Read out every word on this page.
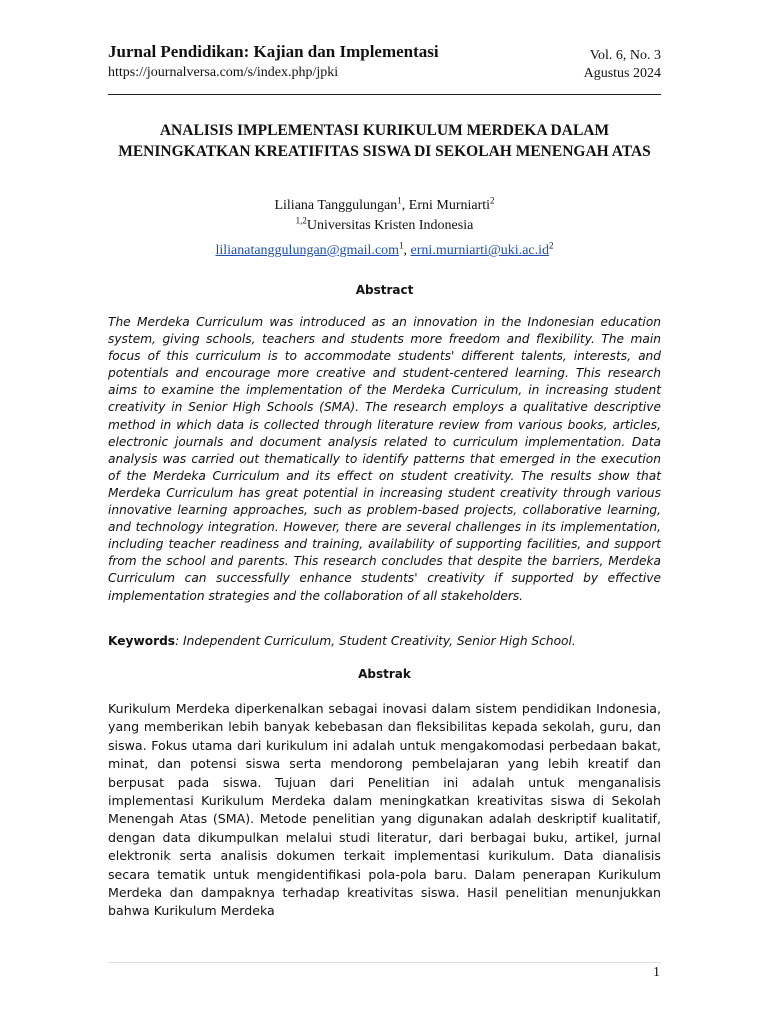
Jurnal Pendidikan: Kajian dan Implementasi
https://journalversa.com/s/index.php/jpki
Vol. 6, No. 3
Agustus 2024
ANALISIS IMPLEMENTASI KURIKULUM MERDEKA DALAM MENINGKATKAN KREATIFITAS SISWA DI SEKOLAH MENENGAH ATAS
Liliana Tanggulungan$^1$, Erni Murniarti$^2$
$^{1,2}$Universitas Kristen Indonesia
lilianatanggulungan@gmail.com$^1$, $erni.murniarti@uki.ac.id^2$
Abstract

The Merdeka Curriculum was introduced as an innovation in the Indonesian education system, giving schools, teachers and students more freedom and flexibility. The main focus of this curriculum is to accommodate students' different talents, interests, and potentials and encourage more creative and student-centered learning. This research aims to examine the implementation of the Merdeka Curriculum, in increasing student creativity in Senior High Schools (SMA). The research employs a qualitative descriptive method in which data is collected through literature review from various books, articles, electronic journals and document analysis related to curriculum implementation. Data analysis was carried out thematically to identify patterns that emerged in the execution of the Merdeka Curriculum and its effect on student creativity. The results show that Merdeka Curriculum has great potential in increasing student creativity through various innovative learning approaches, such as problem-based projects, collaborative learning, and technology integration. However, there are several challenges in its implementation, including teacher readiness and training, availability of supporting facilities, and support from the school and parents. This research concludes that despite the barriers, Merdeka Curriculum can successfully enhance students' creativity if supported by effective implementation strategies and the collaboration of all stakeholders.

Keywords: Independent Curriculum, Student Creativity, Senior High School.
Abstrak

Kurikulum Merdeka diperkenalkan sebagai inovasi dalam sistem pendidikan Indonesia, yang memberikan lebih banyak kebebasan dan fleksibilitas kepada sekolah, guru, dan siswa. Fokus utama dari kurikulum ini adalah untuk mengakomodasi perbedaan bakat, minat, dan potensi siswa serta mendorong pembelajaran yang lebih kreatif dan berpusat pada siswa. Tujuan dari Penelitian ini adalah untuk menganalisis implementasi Kurikulum Merdeka dalam meningkatkan kreativitas siswa di Sekolah Menengah Atas (SMA). Metode penelitian yang digunakan adalah deskriptif kualitatif, dengan data dikumpulkan melalui studi literatur, dari berbagai buku, artikel, jurnal elektronik serta analisis dokumen terkait implementasi kurikulum. Data dianalisis secara tematik untuk mengidentifikasi pola-pola baru. Dalam penerapan Kurikulum Merdeka dan dampaknya terhadap kreativitas siswa. Hasil penelitian menunjukkan bahwa Kurikulum Merdeka

1
